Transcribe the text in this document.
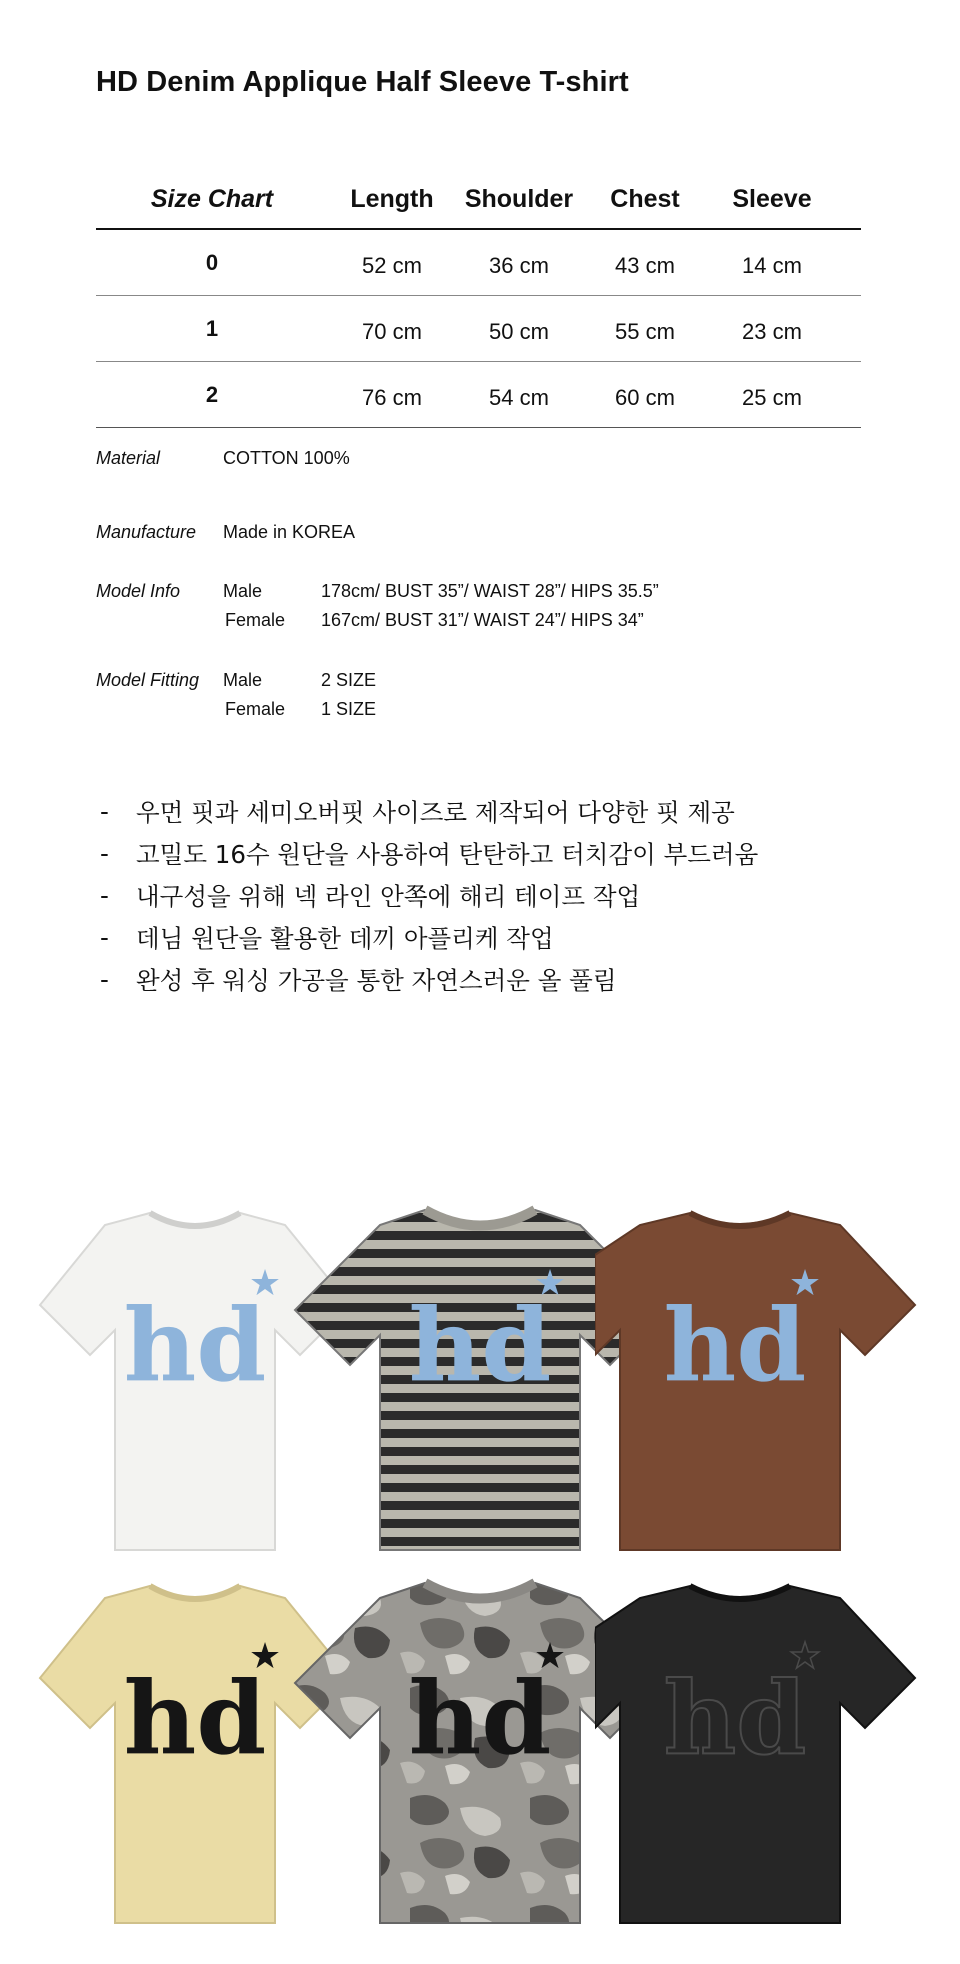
HD Denim Applique Half Sleeve T-shirt
Size Chart	Length	Shoulder	Chest	Sleeve
0	52 cm	36 cm	43 cm	14 cm
1	70 cm	50 cm	55 cm	23 cm
2	76 cm	54 cm	60 cm	25 cm
Material	COTTON 100%
Manufacture Made in KOREA
Model Info Male	178cm/ BUST 35”/ WAIST 28”/ HIPS 35.5”
Female 167cm/ BUST 31”/ WAIST 24”/ HIPS 34”
Model Fitting Male	2 SIZE
Female 1 SIZE
-	우먼 핏과 세미오버핏 사이즈로 제작되어 다양한 핏 제공
-	고밀도 16수 원단을 사용하여 탄탄하고 터치감이 부드러움
-	내구성을 위해 넥 라인 안쪽에 해리 테이프 작업
-	데님 원단을 활용한 데끼 아플리케 작업
-	완성 후 워싱 가공을 통한 자연스러운 올 풀림
hd
★
hd
★
hd
★
hd
★
hd
★
hd
★
